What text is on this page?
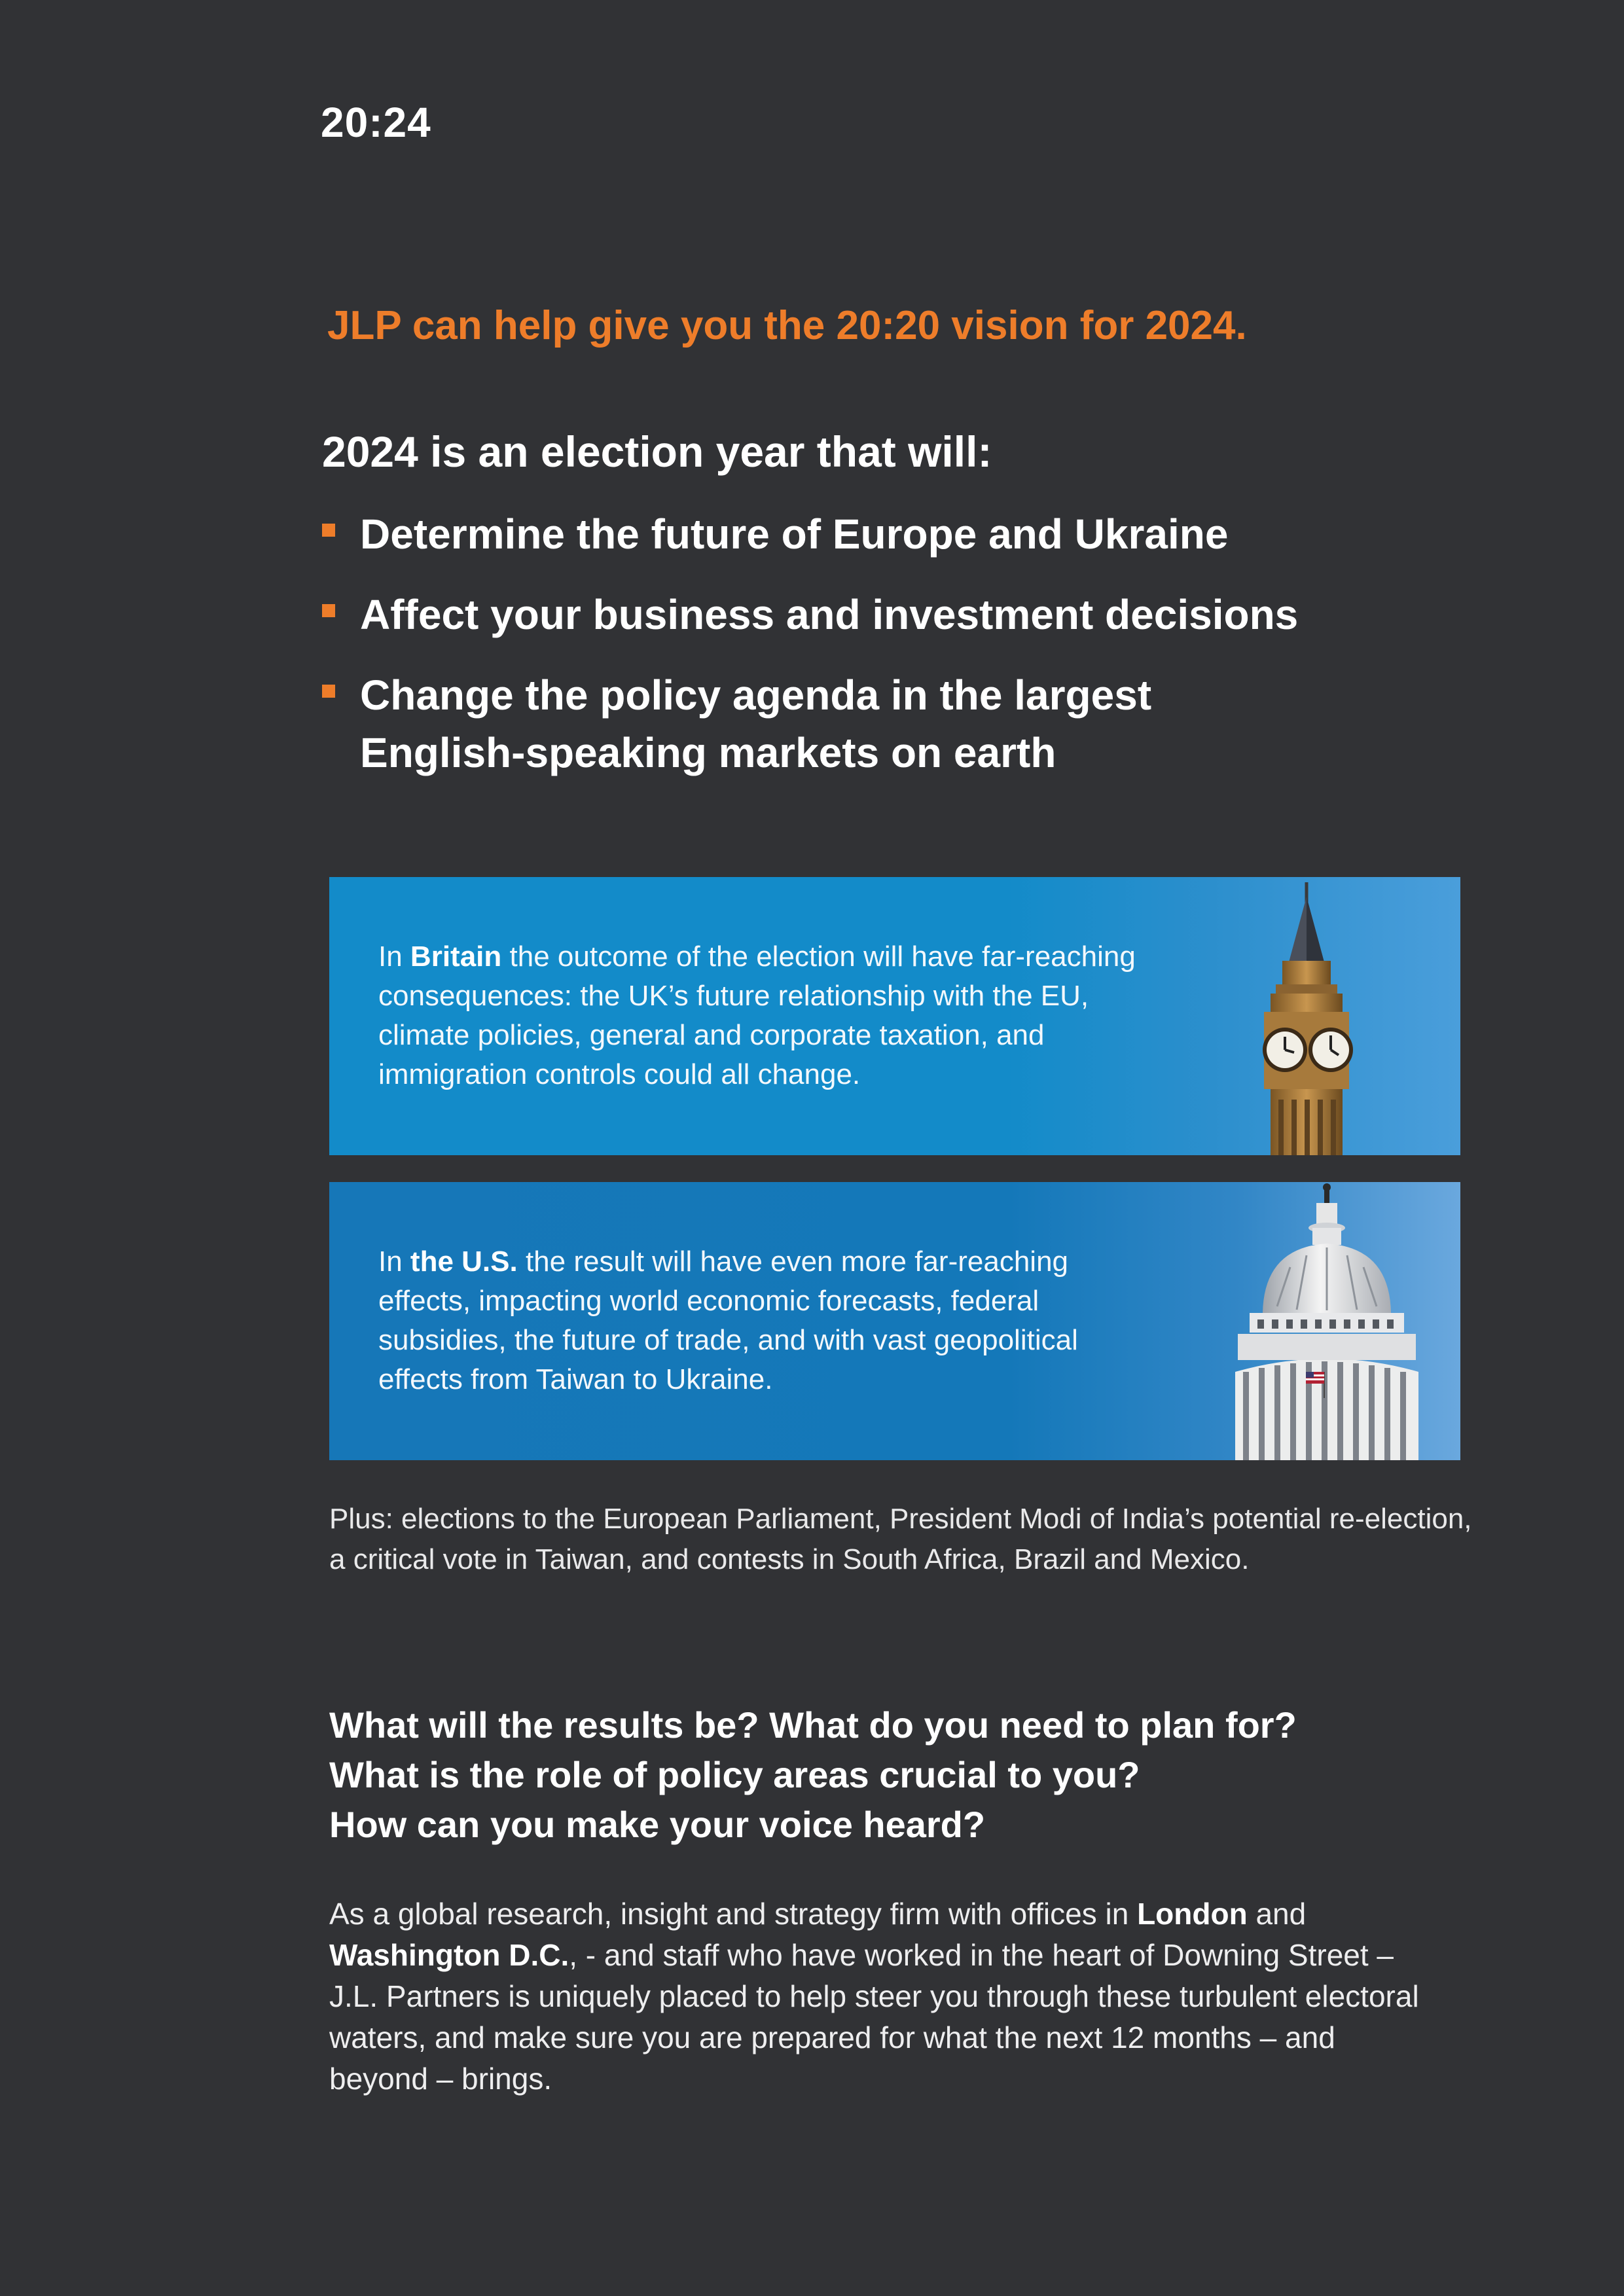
20:24
JLP can help give you the 20:20 vision for 2024.
2024 is an election year that will:
Determine the future of Europe and Ukraine
Affect your business and investment decisions
Change the policy agenda in the largest English-speaking markets on earth
In Britain the outcome of the election will have far-reaching consequences: the UK’s future relationship with the EU, climate policies, general and corporate taxation, and immigration controls could all change.
In the U.S. the result will have even more far-reaching effects, impacting world economic forecasts, federal subsidies, the future of trade, and with vast geopolitical effects from Taiwan to Ukraine.
Plus: elections to the European Parliament, President Modi of India’s potential re-election, a critical vote in Taiwan, and contests in South Africa, Brazil and Mexico.
What will the results be? What do you need to plan for?
What is the role of policy areas crucial to you?
How can you make your voice heard?
As a global research, insight and strategy firm with offices in London and Washington D.C., - and staff who have worked in the heart of Downing Street – J.L. Partners is uniquely placed to help steer you through these turbulent electoral waters, and make sure you are prepared for what the next 12 months – and beyond – brings.
